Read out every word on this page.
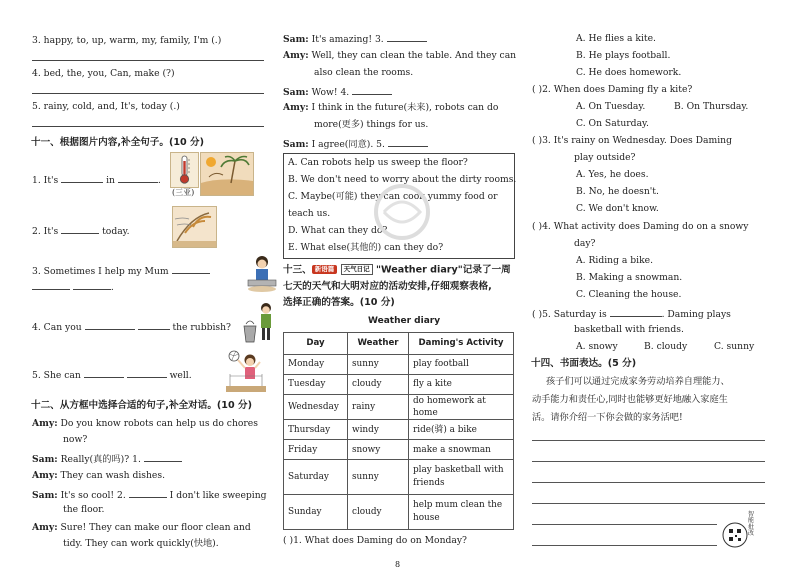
3. happy, to, up, warm, my, family, I'm (.)
4. bed, the, you, Can, make (?)
5. rainy, cold, and, It's, today (.)
十一、根据图片内容,补全句子。(10 分)
1. It's	in	.
(三亚)
2. It's	today.
3. Sometimes I help my Mum
.
4. Can you	the rubbish?
5. She can	well.
十二、从方框中选择合适的句子,补全对话。(10 分)
Amy: Do you know robots can help us do chores
now?
Sam: Really(真的吗)? 1.
Amy: They can wash dishes.
Sam: It's so cool! 2.	I don't like sweeping
the floor.
Amy: Sure! They can make our floor clean and
tidy. They can work quickly(快地).
Sam: It's amazing! 3.
Amy: Well, they can clean the table. And they can
also clean the rooms.
Sam: Wow! 4.
Amy: I think in the future(未来), robots can do
more(更多) things for us.
Sam: I agree(同意). 5.
A. Can robots help us sweep the floor?
B. We don't need to worry about the dirty rooms.
C. Maybe(可能) they can cook yummy food or
teach us.
D. What can they do?
E. What else(其他的) can they do?
十三、 新语篇 天气日记 "Weather diary"记录了一周
七天的天气和大明对应的活动安排,仔细观察表格,
选择正确的答案。(10 分)
Weather diary
Day	Weather	Daming's Activity
Monday	sunny	play football
Tuesday	cloudy	fly a kite
Wednesday	rainy	do homework at home
Thursday	windy	ride(骑) a bike
Friday	snowy	make a snowman
Saturday	sunny	play basketball with friends
Sunday	cloudy	help mum clean the house
( )1. What does Daming do on Monday?
8
A. He flies a kite.
B. He plays football.
C. He does homework.
( )2. When does Daming fly a kite?
A. On Tuesday.	B. On Thursday.
C. On Saturday.
( )3. It's rainy on Wednesday. Does Daming
play outside?
A. Yes, he does.
B. No, he doesn't.
C. We don't know.
( )4. What activity does Daming do on a snowy
day?
A. Riding a bike.
B. Making a snowman.
C. Cleaning the house.
( )5. Saturday is	. Daming plays
basketball with friends.
A. snowy	B. cloudy	C. sunny
十四、书面表达。(5 分)
孩子们可以通过完成家务劳动培养自理能力、
动手能力和责任心,同时也能够更好地融入家庭生
活。请你介绍一下你会做的家务活吧!
智能批改
